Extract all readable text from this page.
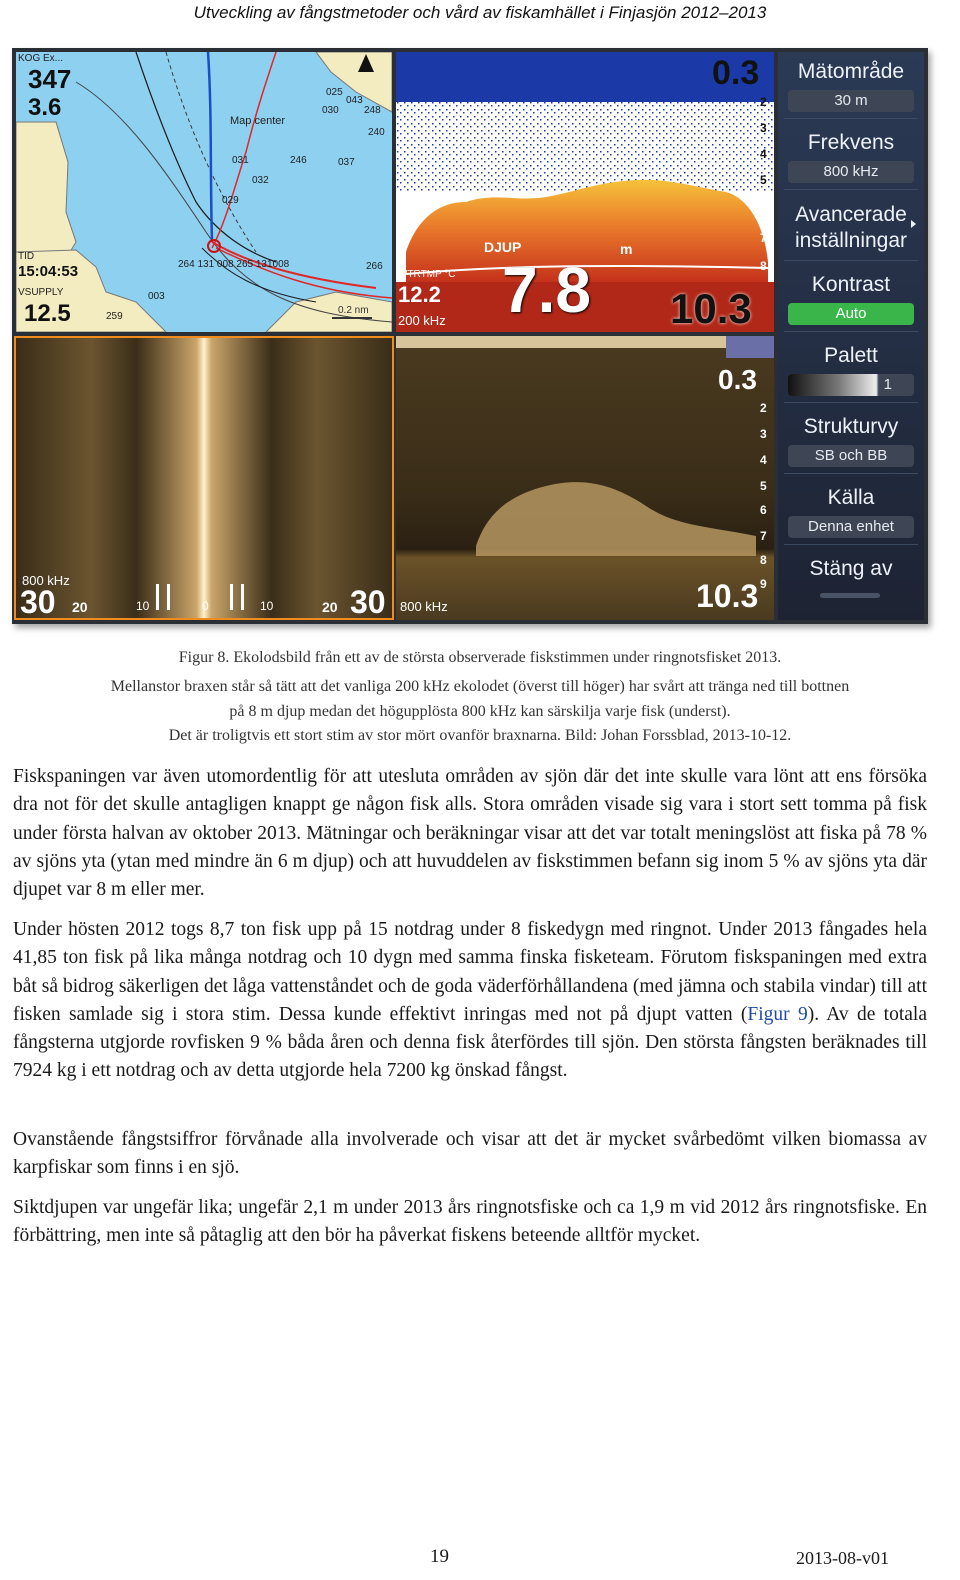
Utveckling av fångstmetoder och vård av fiskamhället i Finjasjön 2012–2013
KOG Ex...
347
3.6	Map center
TID
15:04:53
VSUPPLY
12.5
264 131 008 265 131008
0.2 nm
030
025
043
248
240
031
032
246	037
029
266
003
259
0.3
DJUP	m
7.8 10.3
WTRTMP °C
12.2
200 kHz
2
3
4
5
6
7
8
800 kHz
30 20	10	0	10	20 30
0.3
10.3
800 kHz
2
3
4
5
6
7
8
9
Mätområde
30 m
Frekvens
800 kHz
Avancerade inställningar
Kontrast
Auto
Palett
1
Strukturvy
SB och BB
Källa
Denna enhet
Stäng av
Figur 8. Ekolodsbild från ett av de största observerade fiskstimmen under ringnotsfisket 2013.
Mellanstor braxen står så tätt att det vanliga 200 kHz ekolodet (överst till höger) har svårt att tränga ned till bottnen
på 8 m djup medan det högupplösta 800 kHz kan särskilja varje fisk (underst).
Det är troligtvis ett stort stim av stor mört ovanför braxnarna. Bild: Johan Forssblad, 2013-10-12.
Fiskspaningen var även utomordentlig för att utesluta områden av sjön där det inte skulle vara lönt att ens försöka dra not för det skulle antagligen knappt ge någon fisk alls. Stora områden visade sig vara i stort sett tomma på fisk under första halvan av oktober 2013. Mätningar och beräkningar visar att det var totalt meningslöst att fiska på 78 % av sjöns yta (ytan med mindre än 6 m djup) och att huvuddelen av fiskstimmen befann sig inom 5 % av sjöns yta där djupet var 8 m eller mer.
Under hösten 2012 togs 8,7 ton fisk upp på 15 notdrag under 8 fiskedygn med ringnot. Under 2013 fångades hela 41,85 ton fisk på lika många notdrag och 10 dygn med samma finska fisketeam. Förutom fiskspaningen med extra båt så bidrog säkerligen det låga vattenståndet och de goda väderförhållandena (med jämna och stabila vindar) till att fisken samlade sig i stora stim. Dessa kunde effektivt inringas med not på djupt vatten (Figur 9). Av de totala fångsterna utgjorde rovfisken 9 % båda åren och denna fisk återfördes till sjön. Den största fångsten beräknades till 7924 kg i ett notdrag och av detta utgjorde hela 7200 kg önskad fångst.
Ovanstående fångstsiffror förvånade alla involverade och visar att det är mycket svårbedömt vilken biomassa av karpfiskar som finns i en sjö.
Siktdjupen var ungefär lika; ungefär 2,1 m under 2013 års ringnotsfiske och ca 1,9 m vid 2012 års ringnotsfiske. En förbättring, men inte så påtaglig att den bör ha påverkat fiskens beteende alltför mycket.
19	2013-08-v01
